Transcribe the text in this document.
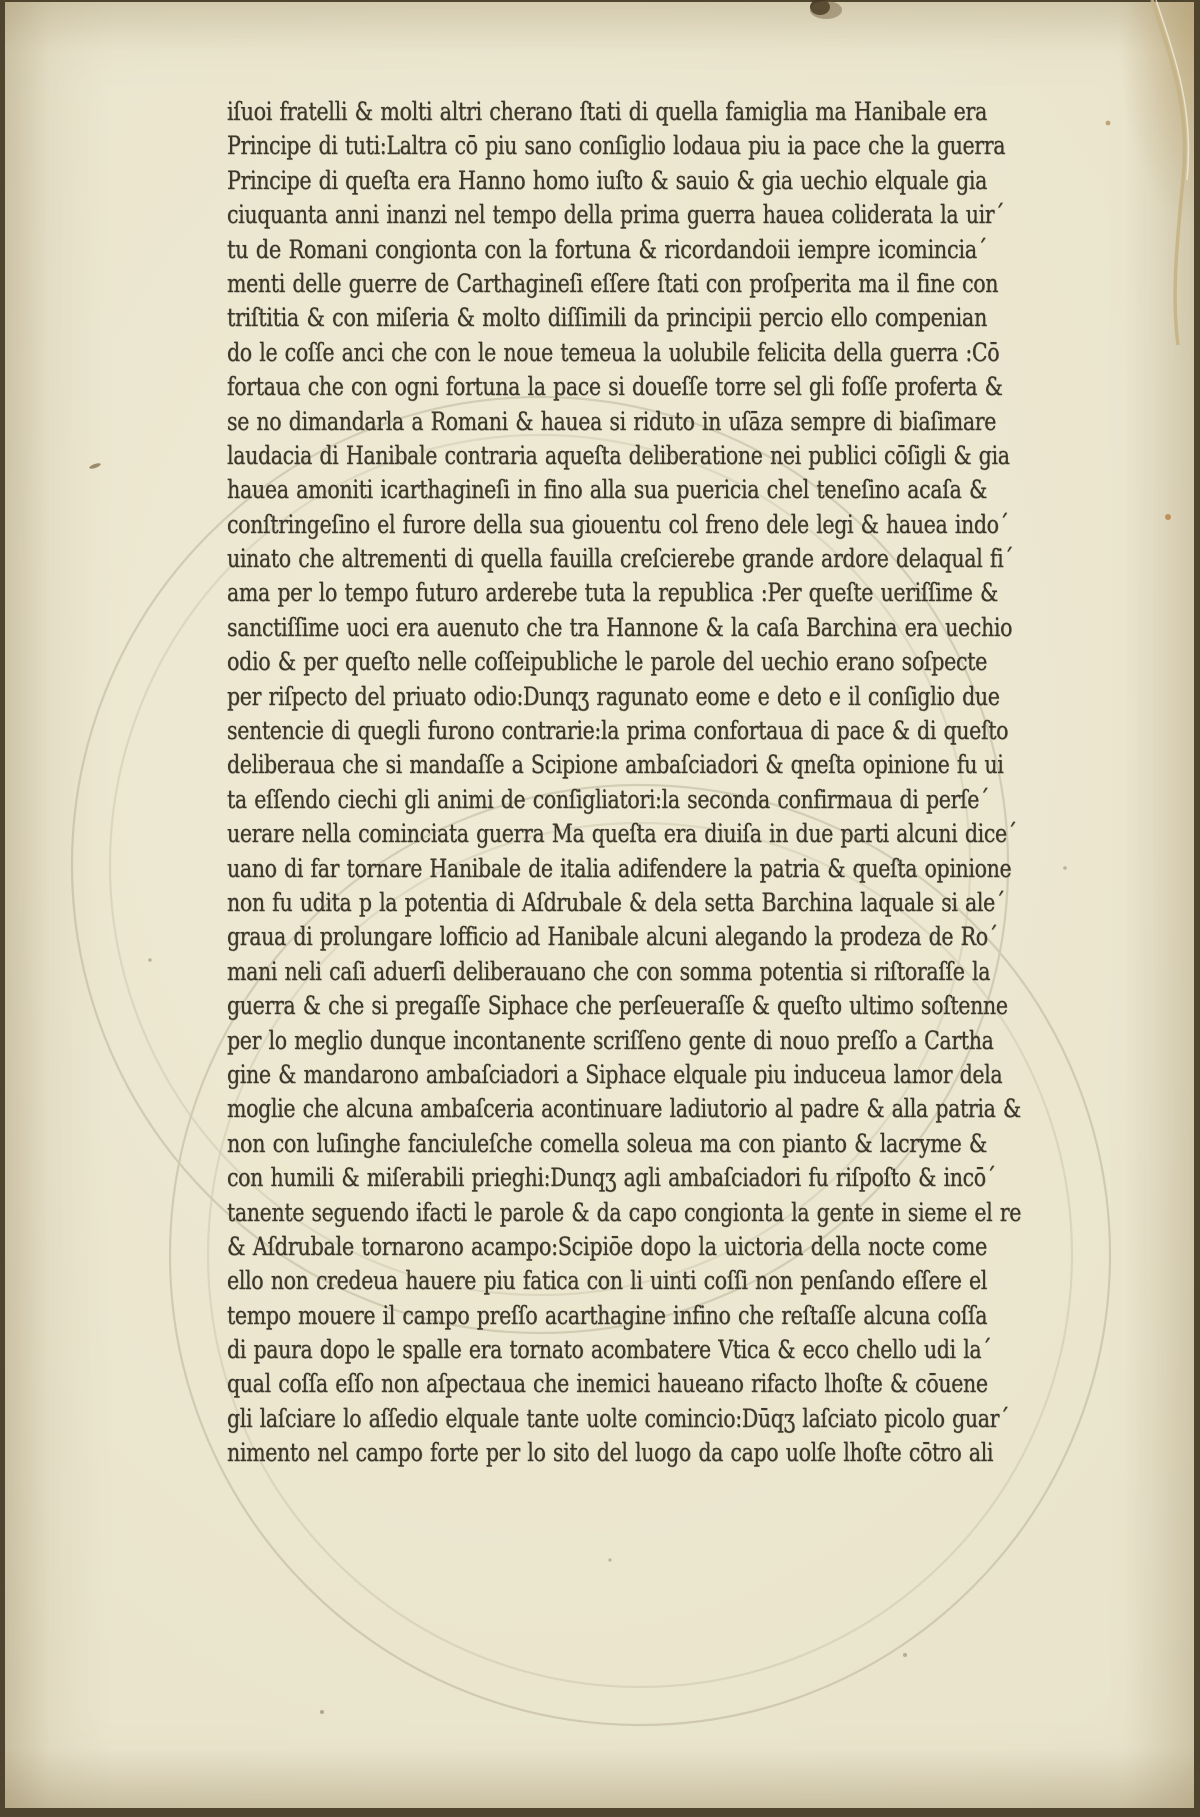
iſuoi fratelli & molti altri cherano ſtati di quella famiglia ma Hanibale era
Principe di tuti:Laltra cō piu sano conſiglio lodaua piu ia pace che la guerra
Principe di queſta era Hanno homo iuſto & sauio & gia uechio elquale gia
ciuquanta anni inanzi nel tempo della prima guerra hauea coliderata la uir´
tu de Romani congionta con la fortuna & ricordandoii iempre icomincia´
menti delle guerre de Carthagineſi eſſere ſtati con proſperita ma il fine con
triſtitia & con miſeria & molto diſſimili da principii percio ello compenian
do le coſſe anci che con le noue temeua la uolubile felicita della guerra :Cō
fortaua che con ogni fortuna la pace si doueſſe torre sel gli foſſe proferta &
se no dimandarla a Romani & hauea si riduto in uſāza sempre di biaſimare
laudacia di Hanibale contraria aqueſta deliberatione nei publici cōſigli & gia
hauea amoniti icarthagineſi in fino alla sua puericia chel teneſino acaſa &
conſtringeſino el furore della sua giouentu col freno dele legi & hauea indo´
uinato che altrementi di quella fauilla creſcierebe grande ardore delaqual fi´
ama per lo tempo futuro arderebe tuta la republica :Per queſte ueriſſime &
sanctiſſime uoci era auenuto che tra Hannone & la caſa Barchina era uechio
odio & per queſto nelle coſſeipubliche le parole del uechio erano soſpecte
per riſpecto del priuato odio:Dunqʒ ragunato eome e deto e il conſiglio due
sentencie di quegli furono contrarie:la prima confortaua di pace & di queſto
deliberaua che si mandaſſe a Scipione ambaſciadori & qneſta opinione fu ui
ta eſſendo ciechi gli animi de conſigliatori:la seconda confirmaua di perſe´
uerare nella cominciata guerra Ma queſta era diuiſa in due parti alcuni dice´
uano di far tornare Hanibale de italia adifendere la patria & queſta opinione
non fu udita p la potentia di Aſdrubale & dela setta Barchina laquale si ale´
graua di prolungare lofficio ad Hanibale alcuni alegando la prodeza de Ro´
mani neli caſi aduerſi deliberauano che con somma potentia si riſtoraſſe la
guerra & che si pregaſſe Siphace che perſeueraſſe & queſto ultimo soſtenne
per lo meglio dunque incontanente scriſſeno gente di nouo preſſo a Cartha
gine & mandarono ambaſciadori a Siphace elquale piu induceua lamor dela
moglie che alcuna ambaſceria acontinuare ladiutorio al padre & alla patria &
non con luſinghe fanciuleſche comella soleua ma con pianto & lacryme &
con humili & miſerabili prieghi:Dunqʒ agli ambaſciadori fu riſpoſto & incō´
tanente seguendo ifacti le parole & da capo congionta la gente in sieme el re
& Aſdrubale tornarono acampo:Scipiōe dopo la uictoria della nocte come
ello non credeua hauere piu fatica con li uinti coſſi non penſando eſſere el
tempo mouere il campo preſſo acarthagine infino che reſtaſſe alcuna coſſa
di paura dopo le spalle era tornato acombatere Vtica & ecco chello udi la´
qual coſſa eſſo non aſpectaua che inemici haueano rifacto lhoſte & cōuene
gli laſciare lo aſſedio elquale tante uolte comincio:Dūqʒ laſciato picolo guar´
nimento nel campo forte per lo sito del luogo da capo uolſe lhoſte cōtro ali
